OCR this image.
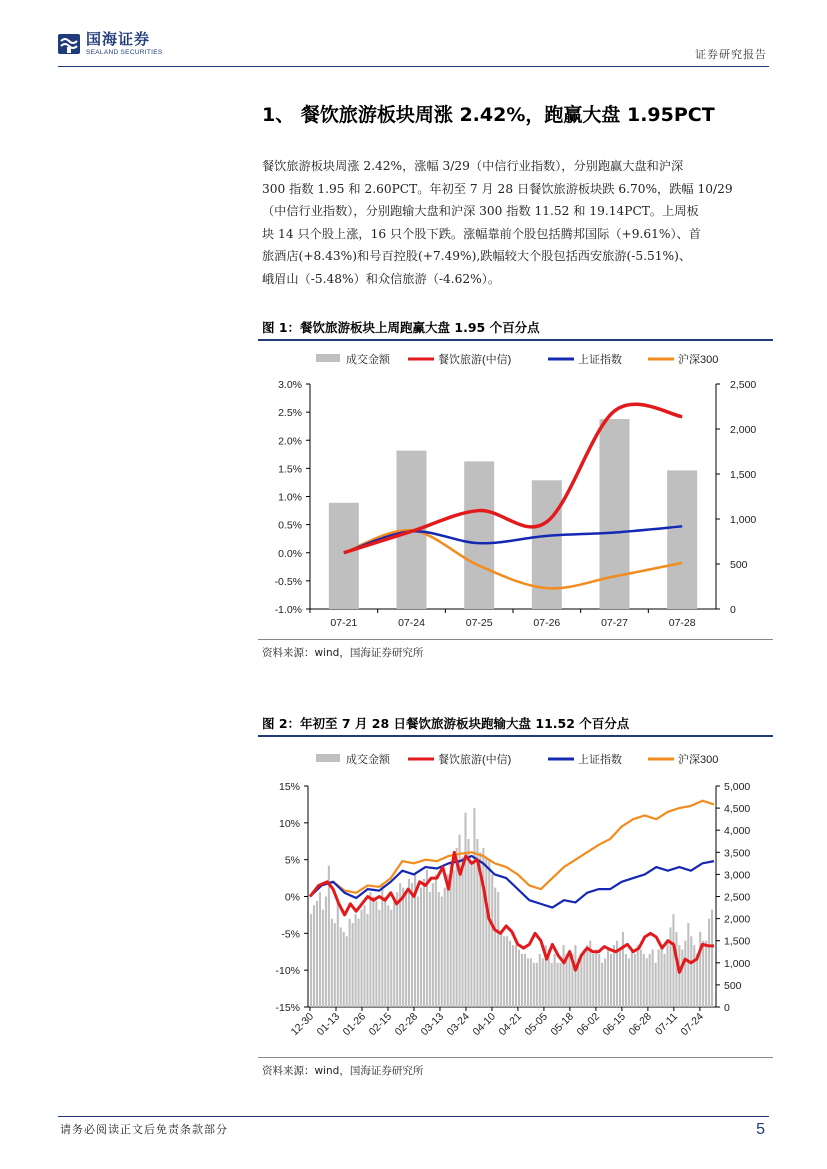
国海证券
SEALAND SECURITIES	证券研究报告
1、 餐饮旅游板块周涨 2.42%，跑赢大盘 1.95PCT
餐饮旅游板块周涨 2.42%，涨幅 3/29（中信行业指数），分别跑赢大盘和沪深
300 指数 1.95 和 2.60PCT。年初至 7 月 28 日餐饮旅游板块跌 6.70%，跌幅 10/29
（中信行业指数），分别跑输大盘和沪深 300 指数 11.52 和 19.14PCT。上周板
块 14 只个股上涨，16 只个股下跌。涨幅靠前个股包括腾邦国际（+9.61%）、首
旅酒店(+8.43%)和号百控股(+7.49%),跌幅较大个股包括西安旅游(-5.51%)、
峨眉山（-5.48%）和众信旅游（-4.62%）。
图 1：餐饮旅游板块上周跑赢大盘 1.95 个百分点
成交金额	餐饮旅游(中信)	上证指数	沪深300
3.0%
2.5%
2.0%
1.5%
1.0%
0.5%
0.0%
-0.5%
-1.0%
2,500
2,000
1,500
1,000
500
0
07-21	07-24	07-25	07-26	07-27	07-28
资料来源：wind，国海证券研究所
图 2：年初至 7 月 28 日餐饮旅游板块跑输大盘 11.52 个百分点
成交金额	餐饮旅游(中信)	上证指数	沪深300
15%
10%
5%
0%
-5%
-10%
-15%
5,000
4,500
4,000
3,500
3,000
2,500
2,000
1,500
1,000
500
0
12-30
01-13
01-26
02-15
02-28
03-13
03-24
04-10
04-21
05-05
05-18
06-02
06-15
06-28 07-11
07-24
资料来源：wind，国海证券研究所
请务必阅读正文后免责条款部分	5
